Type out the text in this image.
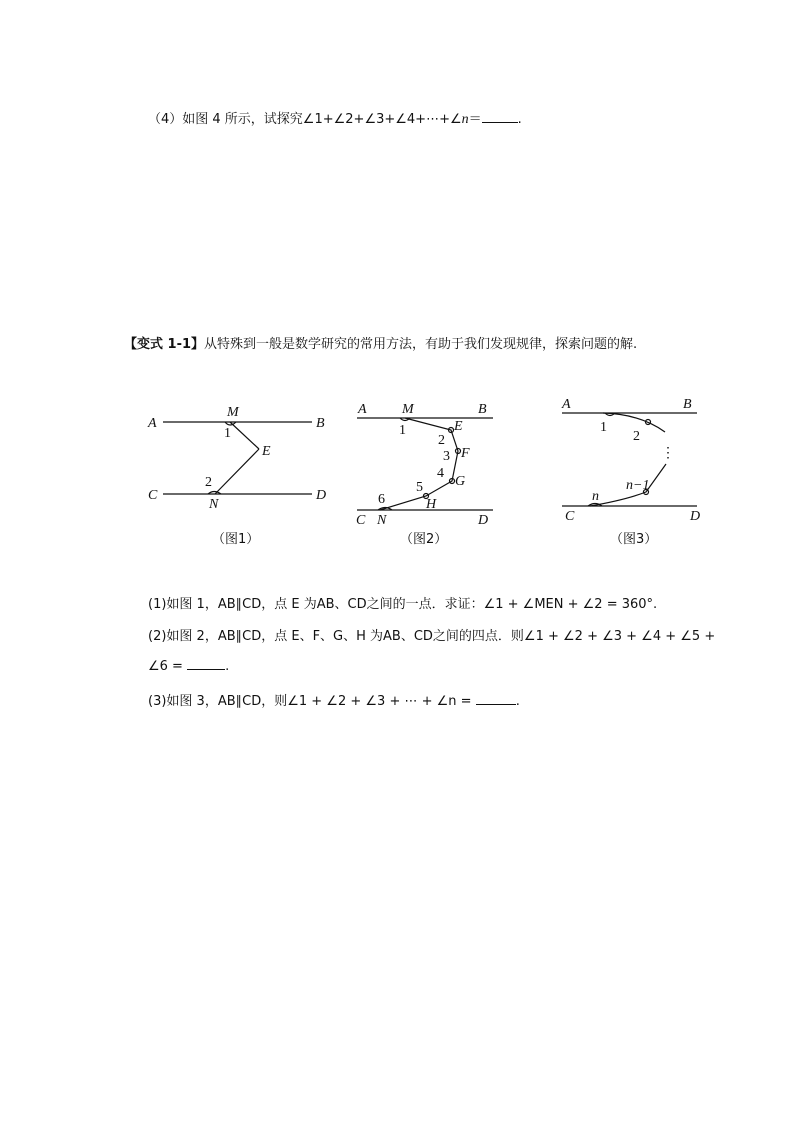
（4）如图 4 所示，试探究∠1+∠2+∠3+∠4+⋯+∠n＝	.
【变式 1-1】从特殊到一般是数学研究的常用方法，有助于我们发现规律，探索问题的解.
A	B
C	D
M
N
E
1
2
（图1）
A	B
C	D
M
N
E
F
G
H
1
2
3
4
5
6
（图2）
A	B
C	D
1
2
⋮
n−1
n
（图3）
(1)如图 1，AB∥CD，点 E 为AB、CD之间的一点．求证：∠1 + ∠MEN + ∠2 = 360°.
(2)如图 2，AB∥CD，点 E、F、G、H 为AB、CD之间的四点．则∠1 + ∠2 + ∠3 + ∠4 + ∠5 +
∠6 =	.
(3)如图 3，AB∥CD，则∠1 + ∠2 + ∠3 + ⋯ + ∠n =	.
